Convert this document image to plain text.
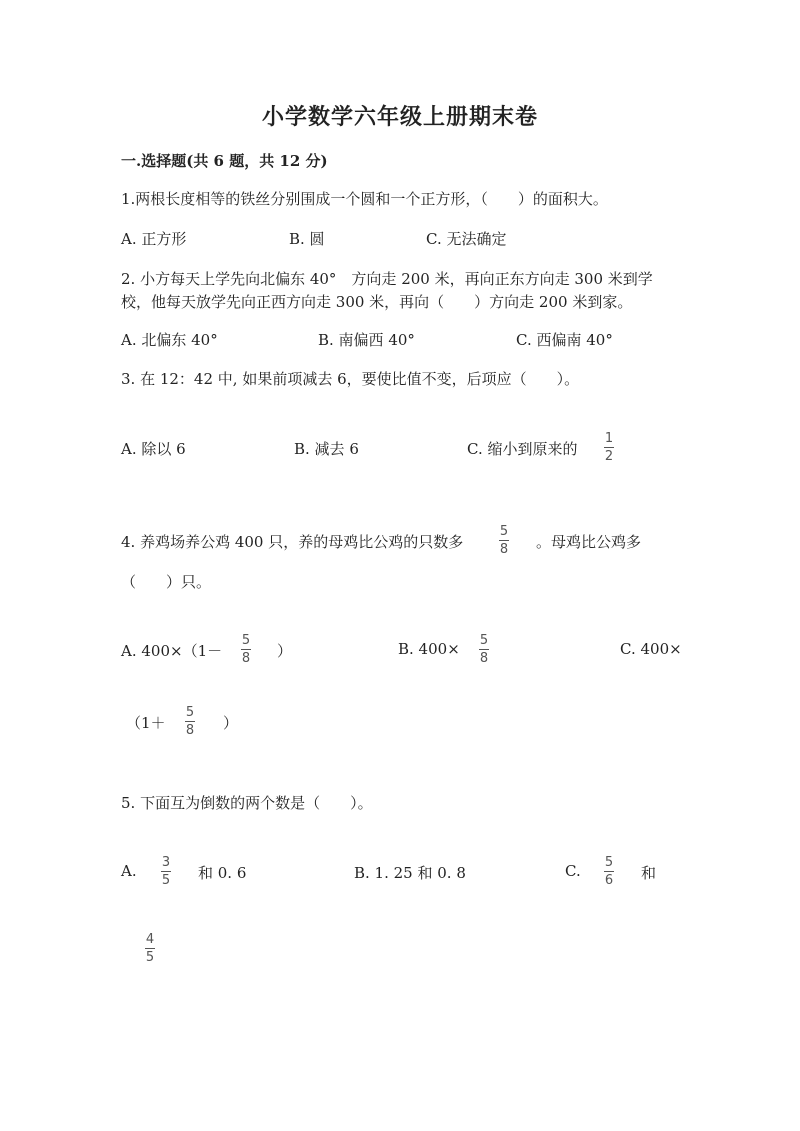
小学数学六年级上册期末卷
一.选择题(共 6 题，共 12 分)
1.两根长度相等的铁丝分别围成一个圆和一个正方形，（　　）的面积大。
A. 正方形	B. 圆	C. 无法确定
2. 小方每天上学先向北偏东 40°　方向走 200 米，再向正东方向走 300 米到学
校，他每天放学先向正西方向走 300 米，再向（　　）方向走 200 米到家。
A. 北偏东 40°	B. 南偏西 40°	C. 西偏南 40°
3. 在 12：42 中, 如果前项减去 6，要使比值不变，后项应（　　）。
A. 除以 6	B. 减去 6	C. 缩小到原来的
1
2
4. 养鸡场养公鸡 400 只，养的母鸡比公鸡的只数多
5
8 。母鸡比公鸡多
（　　）只。
A. 400×（1－
5
8 ）	B. 400× 5
8
C. 400×
（1＋
5
8 ）
5. 下面互为倒数的两个数是（　　）。
A. 3
5 和 0. 6	B. 1. 25 和 0. 8	C. 5
6 和
4
5
